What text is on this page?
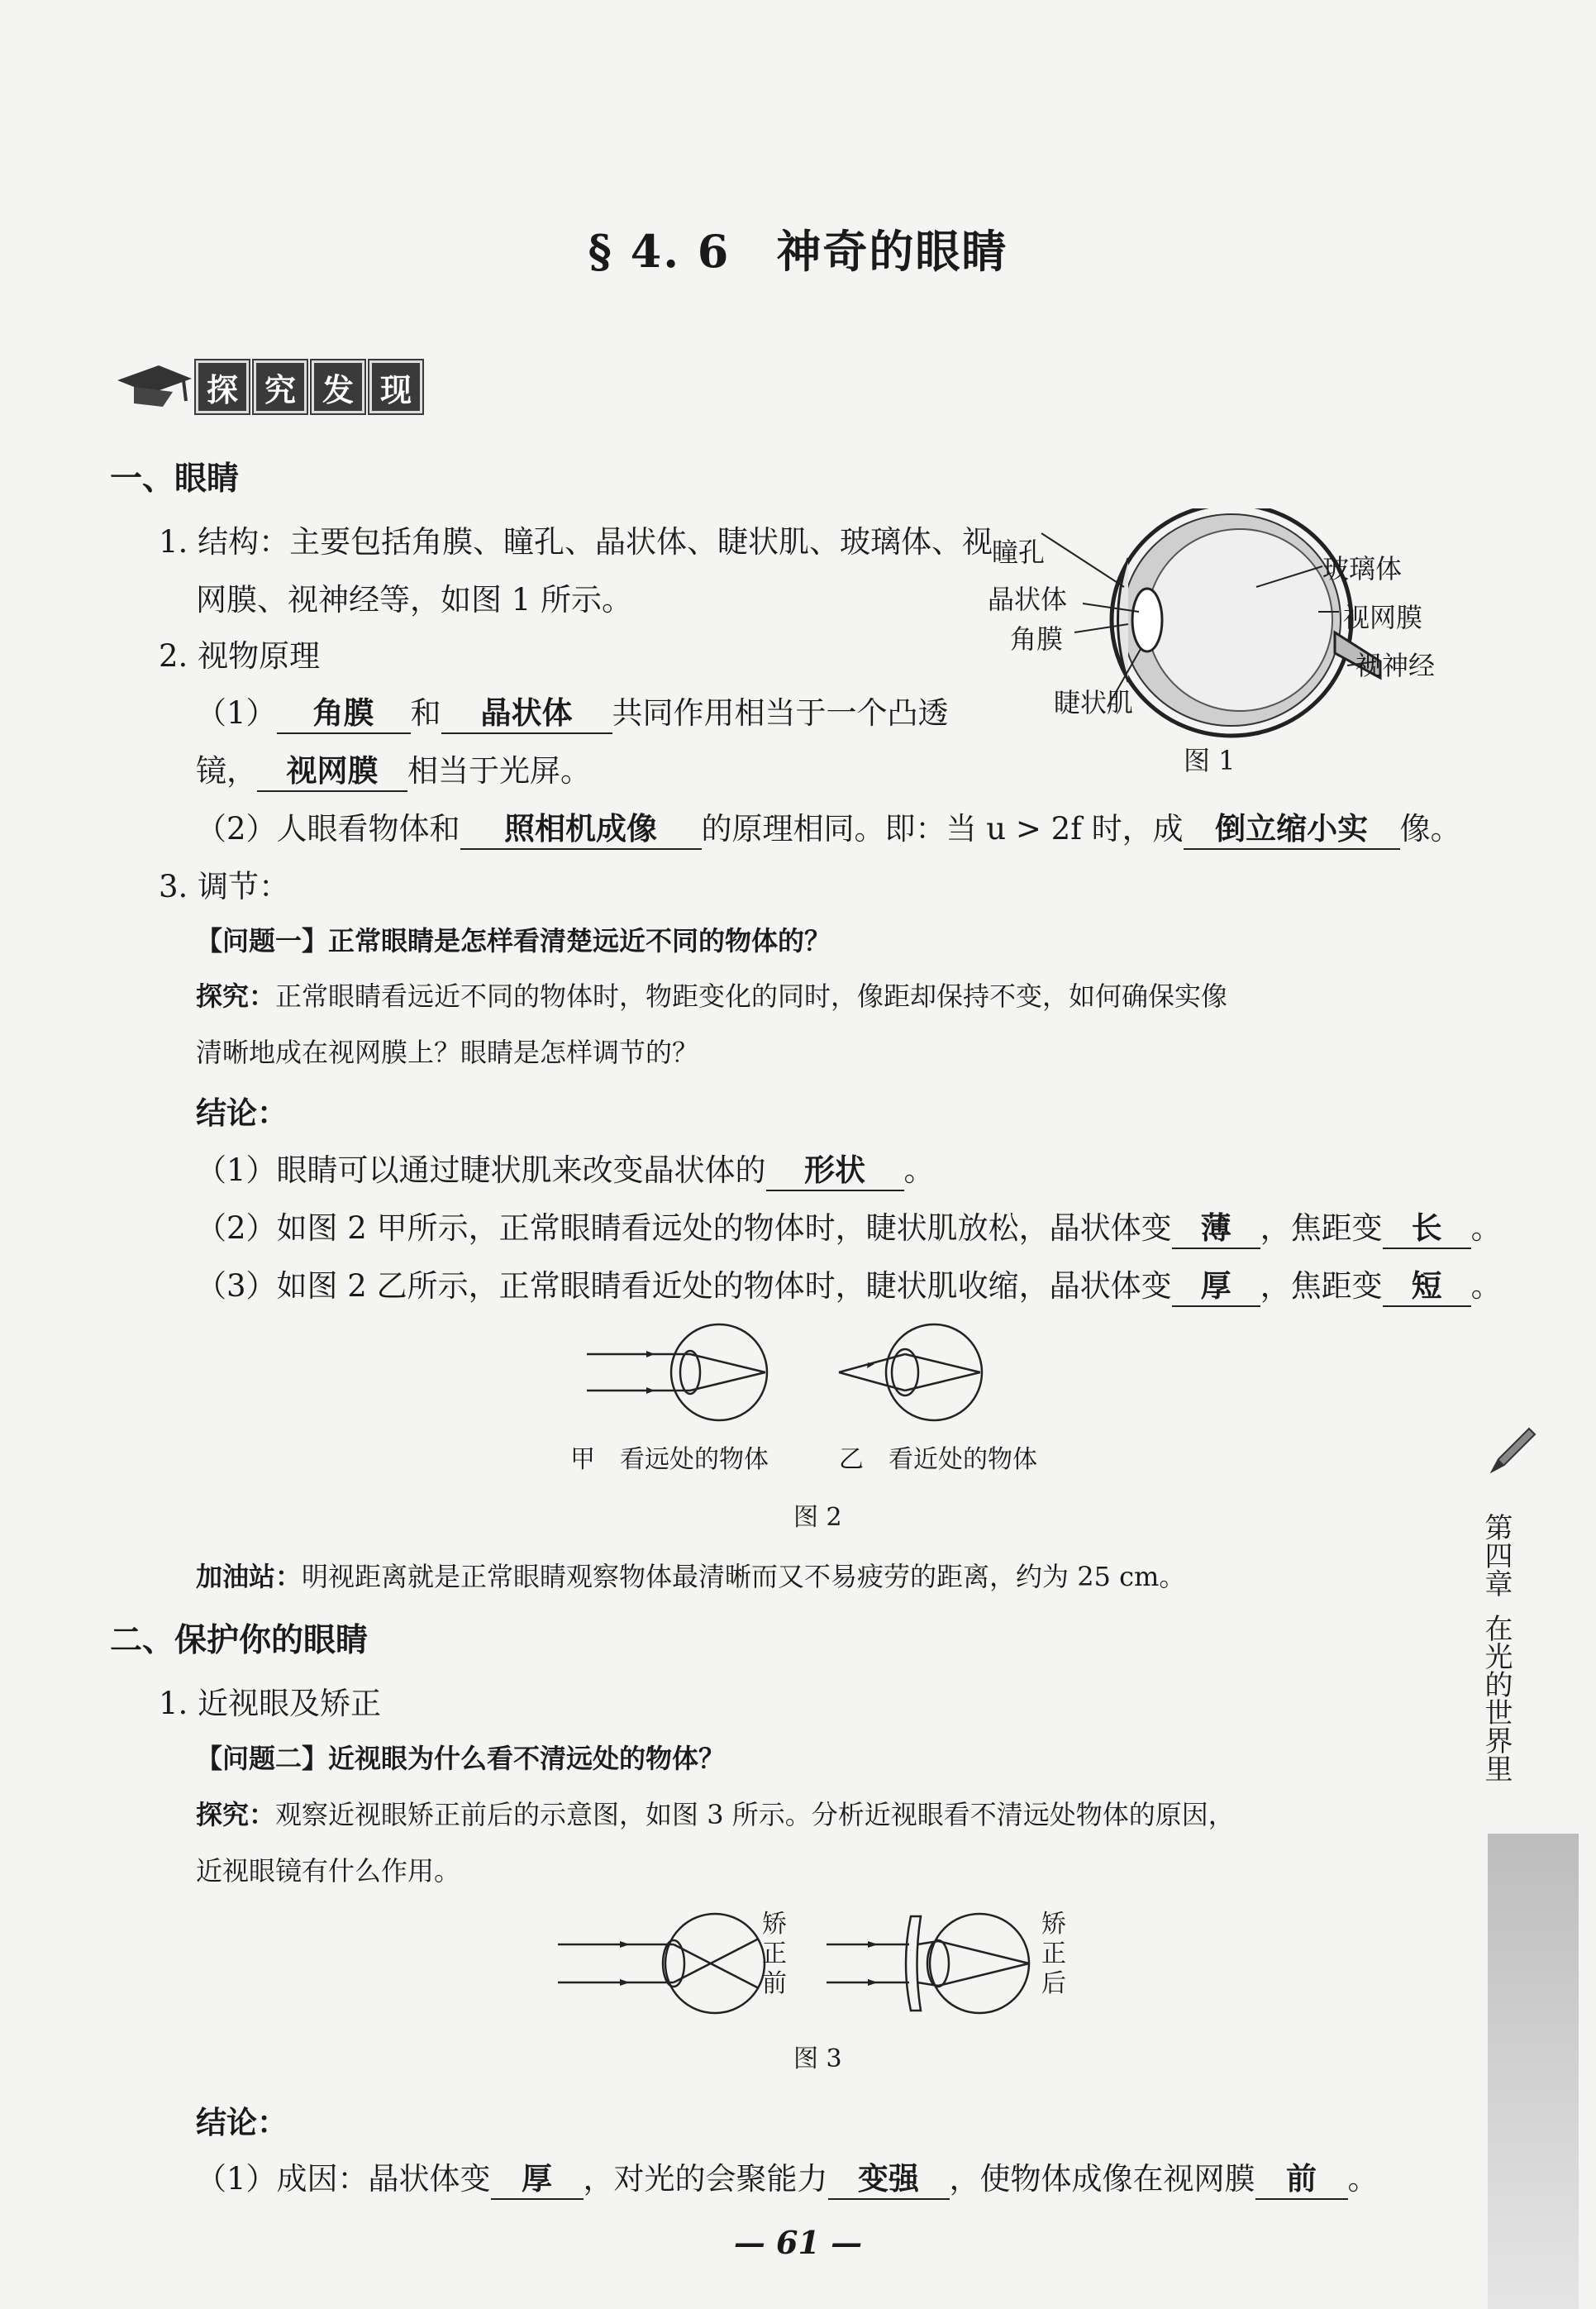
§ 4. 6　神奇的眼睛
探 究 发 现
一、眼睛
1. 结构：主要包括角膜、瞳孔、晶状体、睫状肌、玻璃体、视
网膜、视神经等，如图 1 所示。
2. 视物原理
（1） 角膜 和 晶状体 共同作用相当于一个凸透
镜， 视网膜 相当于光屏。
（2）人眼看物体和 照相机成像 的原理相同。即：当 u > 2f 时，成 倒立缩小实 像。
3. 调节：
【问题一】正常眼睛是怎样看清楚远近不同的物体的？
探究：正常眼睛看远近不同的物体时，物距变化的同时，像距却保持不变，如何确保实像
清晰地成在视网膜上？眼睛是怎样调节的？
结论：
（1）眼睛可以通过睫状肌来改变晶状体的 形状 。
（2）如图 2 甲所示，正常眼睛看远处的物体时，睫状肌放松，晶状体变 薄 ，焦距变 长 。
（3）如图 2 乙所示，正常眼睛看近处的物体时，睫状肌收缩，晶状体变 厚 ，焦距变 短 。
瞳孔
晶状体
角膜
睫状肌
玻璃体
视网膜
视神经
图 1
甲　看远处的物体	乙　看近处的物体
图 2
加油站：明视距离就是正常眼睛观察物体最清晰而又不易疲劳的距离，约为 25 cm。
二、保护你的眼睛
1. 近视眼及矫正
【问题二】近视眼为什么看不清远处的物体？
探究：观察近视眼矫正前后的示意图，如图 3 所示。分析近视眼看不清远处物体的原因，
近视眼镜有什么作用。
矫正前
矫正后
图 3
结论：
（1）成因：晶状体变 厚 ，对光的会聚能力 变强 ，使物体成像在视网膜 前 。
第四章
在光的世界里
— 61 —
